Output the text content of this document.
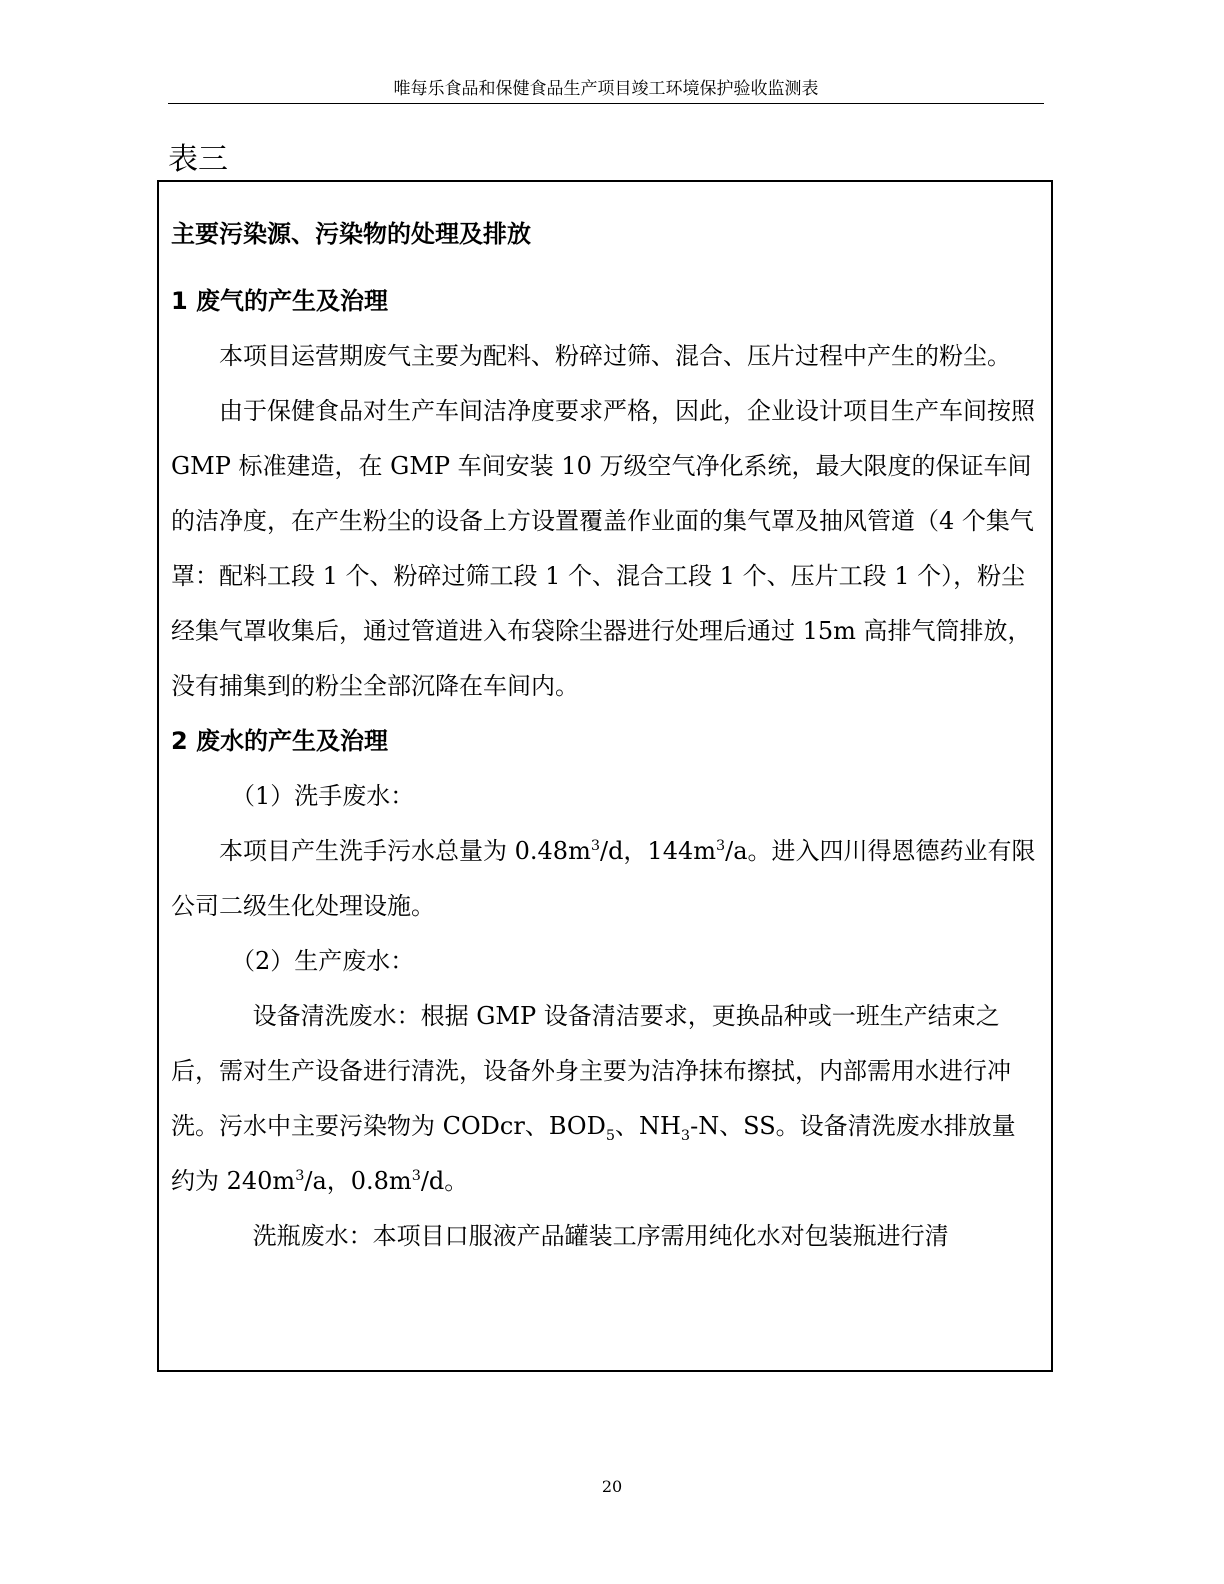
唯每乐食品和保健食品生产项目竣工环境保护验收监测表
表三

主要污染源、污染物的处理及排放

1 废气的产生及治理

本项目运营期废气主要为配料、粉碎过筛、混合、压片过程中产生的粉尘。

由于保健食品对生产车间洁净度要求严格，因此，企业设计项目生产车间按照 GMP 标准建造，在 GMP 车间安装 10 万级空气净化系统，最大限度的保证车间的洁净度，在产生粉尘的设备上方设置覆盖作业面的集气罩及抽风管道（4 个集气罩：配料工段 1 个、粉碎过筛工段 1 个、混合工段 1 个、压片工段 1 个），粉尘经集气罩收集后，通过管道进入布袋除尘器进行处理后通过 15m 高排气筒排放，没有捕集到的粉尘全部沉降在车间内。

2 废水的产生及治理

（1）洗手废水：

本项目产生洗手污水总量为 $0.48m^3/d$，$144m^3/a$。进入四川得恩德药业有限公司二级生化处理设施。

（2）生产废水：

设备清洗废水：根据 GMP 设备清洁要求，更换品种或一班生产结束之后，需对生产设备进行清洗，设备外身主要为洁净抹布擦拭，内部需用水进行冲洗。污水中主要污染物为 CODcr、$BOD_5$、$NH_3-N$、SS。设备清洗废水排放量约为 $240m^3/a$，$0.8m^3/d$。

洗瓶废水：本项目口服液产品罐装工序需用纯化水对包装瓶进行清

20
